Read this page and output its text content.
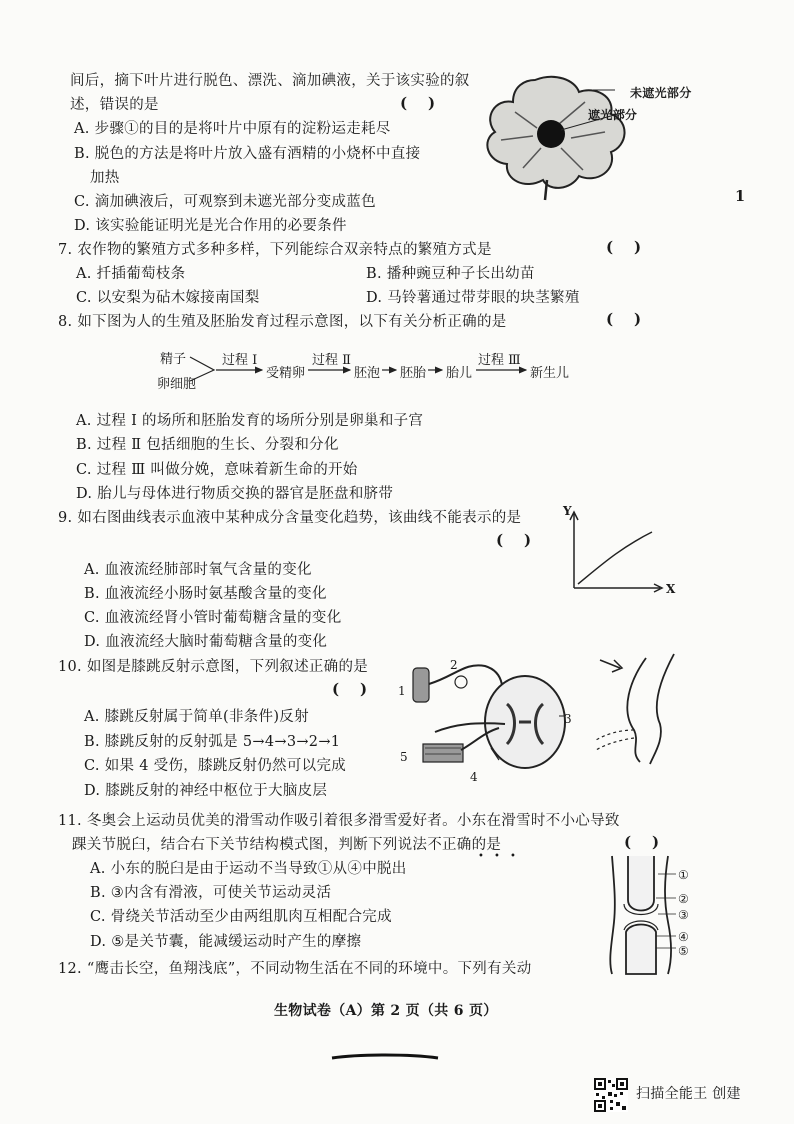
间后，摘下叶片进行脱色、漂洗、滴加碘液，关于该实验的叙
述，错误的是	(    )
A. 步骤①的目的是将叶片中原有的淀粉运走耗尽
B. 脱色的方法是将叶片放入盛有酒精的小烧杯中直接
加热
C. 滴加碘液后，可观察到未遮光部分变成蓝色
D. 该实验能证明光是光合作用的必要条件
未遮光部分
遮光部分
1
7. 农作物的繁殖方式多种多样，下列能综合双亲特点的繁殖方式是	(    )
A. 扦插葡萄枝条	B. 播种豌豆种子长出幼苗
C. 以安梨为砧木嫁接南国梨	D. 马铃薯通过带芽眼的块茎繁殖
8. 如下图为人的生殖及胚胎发育过程示意图，以下有关分析正确的是	(    )
精子
卵细胞
过程 Ⅰ
受精卵
过程 Ⅱ
胚泡 胚胎 胎儿
过程 Ⅲ
新生儿
A. 过程 Ⅰ 的场所和胚胎发育的场所分别是卵巢和子宫
B. 过程 Ⅱ 包括细胞的生长、分裂和分化
C. 过程 Ⅲ 叫做分娩，意味着新生命的开始
D. 胎儿与母体进行物质交换的器官是胚盘和脐带
9. 如右图曲线表示血液中某种成分含量变化趋势，该曲线不能表示的是
(    )
A. 血液流经肺部时氧气含量的变化
B. 血液流经小肠时氨基酸含量的变化
C. 血液流经肾小管时葡萄糖含量的变化
D. 血液流经大脑时葡萄糖含量的变化
Y
X
10. 如图是膝跳反射示意图，下列叙述正确的是
(    )
A. 膝跳反射属于简单(非条件)反射
B. 膝跳反射的反射弧是 5→4→3→2→1
C. 如果 4 受伤，膝跳反射仍然可以完成
D. 膝跳反射的神经中枢位于大脑皮层
1
2
3
4
5
11. 冬奥会上运动员优美的滑雪动作吸引着很多滑雪爱好者。小东在滑雪时不小心导致
踝关节脱臼，结合右下关节结构模式图，判断下列说法不正确的是
• • •
(    )
A. 小东的脱臼是由于运动不当导致①从④中脱出
B. ③内含有滑液，可使关节运动灵活
C. 骨绕关节活动至少由两组肌肉互相配合完成
D. ⑤是关节囊，能减缓运动时产生的摩擦
①
②
③
④
⑤
12. “鹰击长空，鱼翔浅底”，不同动物生活在不同的环境中。下列有关动
生物试卷（A）第 2 页（共 6 页）
扫描全能王 创建
